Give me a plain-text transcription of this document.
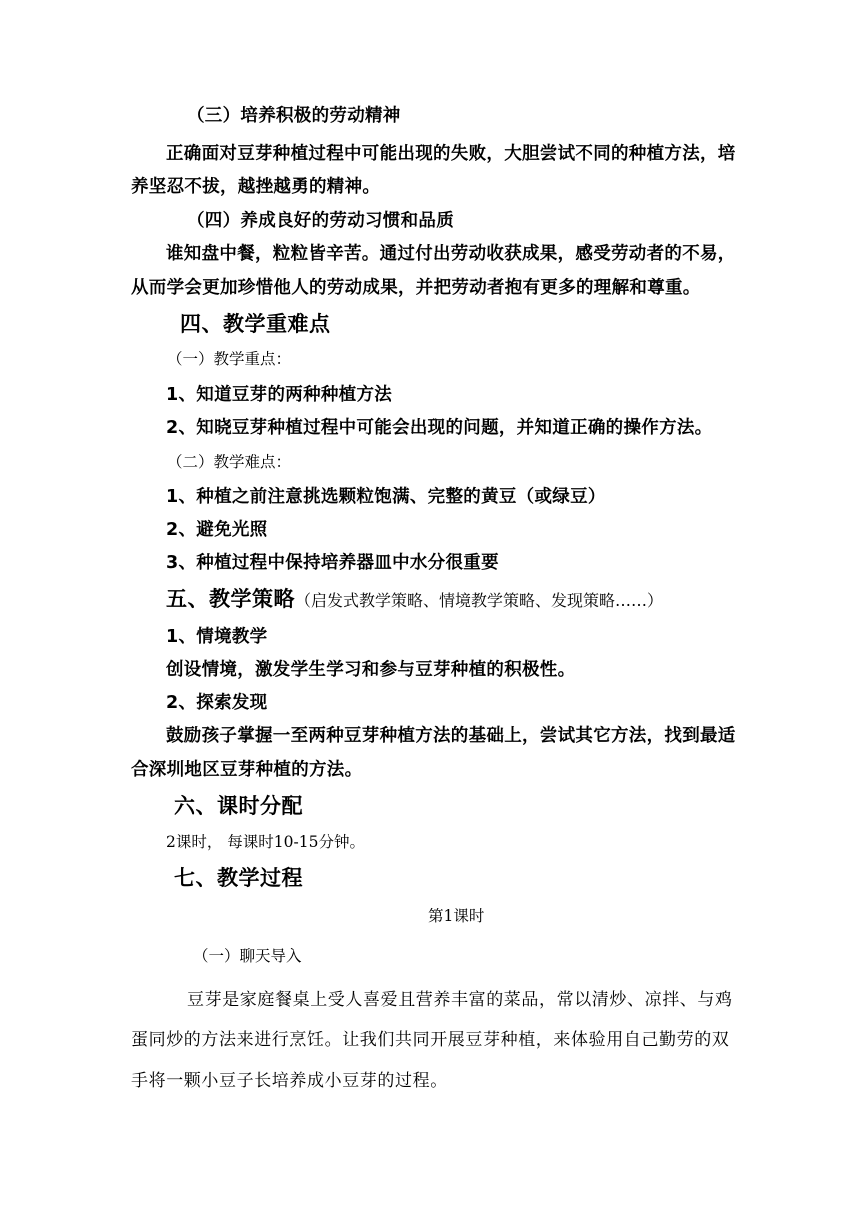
（三）培养积极的劳动精神

正确面对豆芽种植过程中可能出现的失败，大胆尝试不同的种植方法，培

养坚忍不拔，越挫越勇的精神。

（四）养成良好的劳动习惯和品质

谁知盘中餐，粒粒皆辛苦。通过付出劳动收获成果，感受劳动者的不易，

从而学会更加珍惜他人的劳动成果，并把劳动者抱有更多的理解和尊重。

四、教学重难点

（一）教学重点：

1、知道豆芽的两种种植方法

2、知晓豆芽种植过程中可能会出现的问题，并知道正确的操作方法。

（二）教学难点：

1、种植之前注意挑选颗粒饱满、完整的黄豆（或绿豆）

2、避免光照

3、种植过程中保持培养器皿中水分很重要

五、教学策略（启发式教学策略、情境教学策略、发现策略……）

1、情境教学

创设情境，激发学生学习和参与豆芽种植的积极性。

2、探索发现

鼓励孩子掌握一至两种豆芽种植方法的基础上，尝试其它方法，找到最适

合深圳地区豆芽种植的方法。

六、课时分配

2课时， 每课时10-15分钟。

七、教学过程

第1课时

（一）聊天导入

豆芽是家庭餐桌上受人喜爱且营养丰富的菜品，常以清炒、凉拌、与鸡

蛋同炒的方法来进行烹饪。让我们共同开展豆芽种植，来体验用自己勤劳的双

手将一颗小豆子长培养成小豆芽的过程。
